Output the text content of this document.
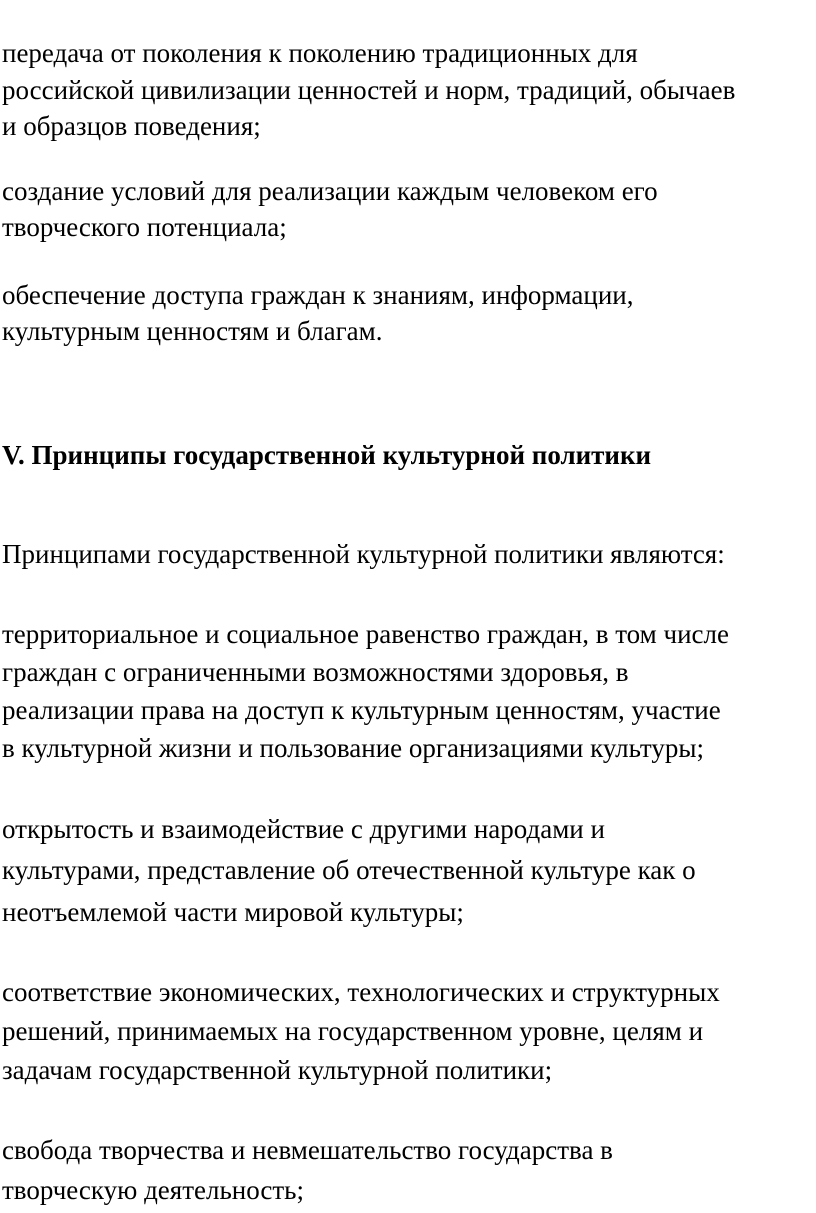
передача от поколения к поколению традиционных для
российской цивилизации ценностей и норм, традиций, обычаев
и образцов поведения;
создание условий для реализации каждым человеком его
творческого потенциала;
обеспечение доступа граждан к знаниям, информации,
культурным ценностям и благам.
V. Принципы государственной культурной политики
Принципами государственной культурной политики являются:
территориальное и социальное равенство граждан, в том числе
граждан с ограниченными возможностями здоровья, в
реализации права на доступ к культурным ценностям, участие
в культурной жизни и пользование организациями культуры;
открытость и взаимодействие с другими народами и
культурами, представление об отечественной культуре как о
неотъемлемой части мировой культуры;
соответствие экономических, технологических и структурных
решений, принимаемых на государственном уровне, целям и
задачам государственной культурной политики;
свобода творчества и невмешательство государства в
творческую деятельность;
